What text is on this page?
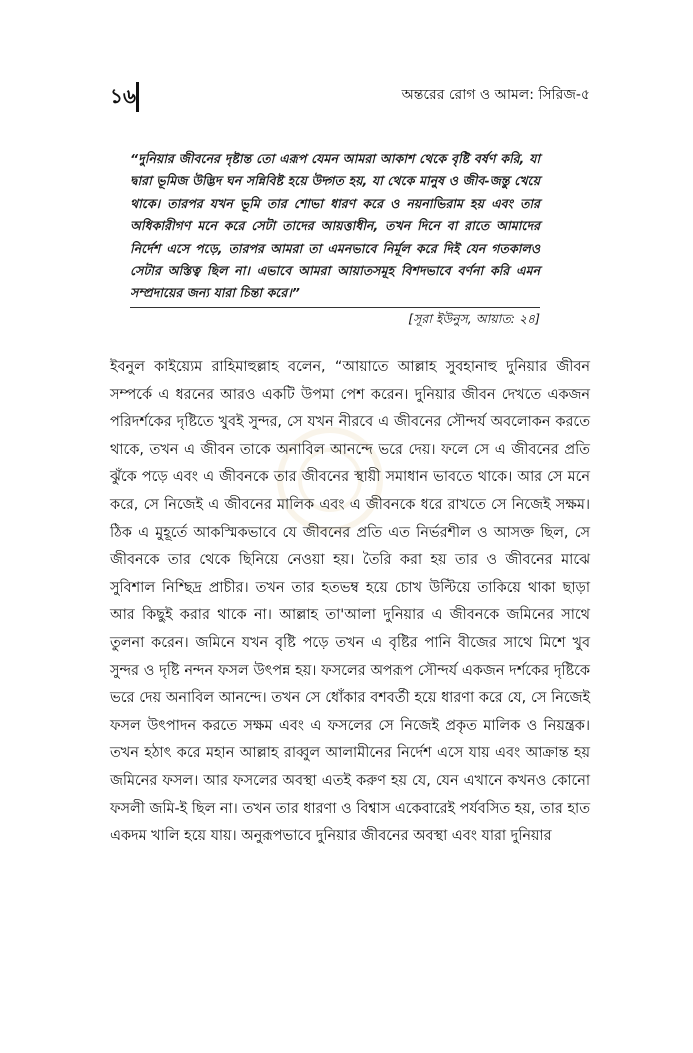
১৬	অন্তরের রোগ ও আমল: সিরিজ-৫

“দুনিয়ার জীবনের দৃষ্টান্ত তো এরূপ যেমন আমরা আকাশ থেকে বৃষ্টি বর্ষণ করি, যা দ্বারা ভূমিজ উদ্ভিদ ঘন সন্নিবিষ্ট হয়ে উদ্গত হয়, যা থেকে মানুষ ও জীব-জন্তু খেয়ে থাকে। তারপর যখন ভূমি তার শোভা ধারণ করে ও নয়নাভিরাম হয় এবং তার অধিকারীগণ মনে করে সেটা তাদের আয়ত্তাধীন, তখন দিনে বা রাতে আমাদের নির্দেশ এসে পড়ে, তারপর আমরা তা এমনভাবে নির্মূল করে দিই যেন গতকালও সেটার অস্তিত্ব ছিল না। এভাবে আমরা আয়াতসমূহ বিশদভাবে বর্ণনা করি এমন সম্প্রদায়ের জন্য যারা চিন্তা করে।”

[সূরা ইউনুস, আয়াত: ২৪]

ইবনুল কাইয়্যেম রাহিমাহুল্লাহ বলেন, “আয়াতে আল্লাহ সুবহানাহু দুনিয়ার জীবন সম্পর্কে এ ধরনের আরও একটি উপমা পেশ করেন। দুনিয়ার জীবন দেখতে একজন পরিদর্শকের দৃষ্টিতে খুবই সুন্দর, সে যখন নীরবে এ জীবনের সৌন্দর্য অবলোকন করতে থাকে, তখন এ জীবন তাকে অনাবিল আনন্দে ভরে দেয়। ফলে সে এ জীবনের প্রতি ঝুঁকে পড়ে এবং এ জীবনকে তার জীবনের স্থায়ী সমাধান ভাবতে থাকে। আর সে মনে করে, সে নিজেই এ জীবনের মালিক এবং এ জীবনকে ধরে রাখতে সে নিজেই সক্ষম। ঠিক এ মুহূর্তে আকস্মিকভাবে যে জীবনের প্রতি এত নির্ভরশীল ও আসক্ত ছিল, সে জীবনকে তার থেকে ছিনিয়ে নেওয়া হয়। তৈরি করা হয় তার ও জীবনের মাঝে সুবিশাল নিশ্ছিদ্র প্রাচীর। তখন তার হতভম্ব হয়ে চোখ উল্টিয়ে তাকিয়ে থাকা ছাড়া আর কিছুই করার থাকে না। আল্লাহ তা'আলা দুনিয়ার এ জীবনকে জমিনের সাথে তুলনা করেন। জমিনে যখন বৃষ্টি পড়ে তখন এ বৃষ্টির পানি বীজের সাথে মিশে খুব সুন্দর ও দৃষ্টি নন্দন ফসল উৎপন্ন হয়। ফসলের অপরূপ সৌন্দর্য একজন দর্শকের দৃষ্টিকে ভরে দেয় অনাবিল আনন্দে। তখন সে ধোঁকার বশবর্তী হয়ে ধারণা করে যে, সে নিজেই ফসল উৎপাদন করতে সক্ষম এবং এ ফসলের সে নিজেই প্রকৃত মালিক ও নিয়ন্ত্রক। তখন হঠাৎ করে মহান আল্লাহ রাব্বুল আলামীনের নির্দেশ এসে যায় এবং আক্রান্ত হয় জমিনের ফসল। আর ফসলের অবস্থা এতই করুণ হয় যে, যেন এখানে কখনও কোনো ফসলী জমি-ই ছিল না। তখন তার ধারণা ও বিশ্বাস একেবারেই পর্যবসিত হয়, তার হাত একদম খালি হয়ে যায়। অনুরূপভাবে দুনিয়ার জীবনের অবস্থা এবং যারা দুনিয়ার
